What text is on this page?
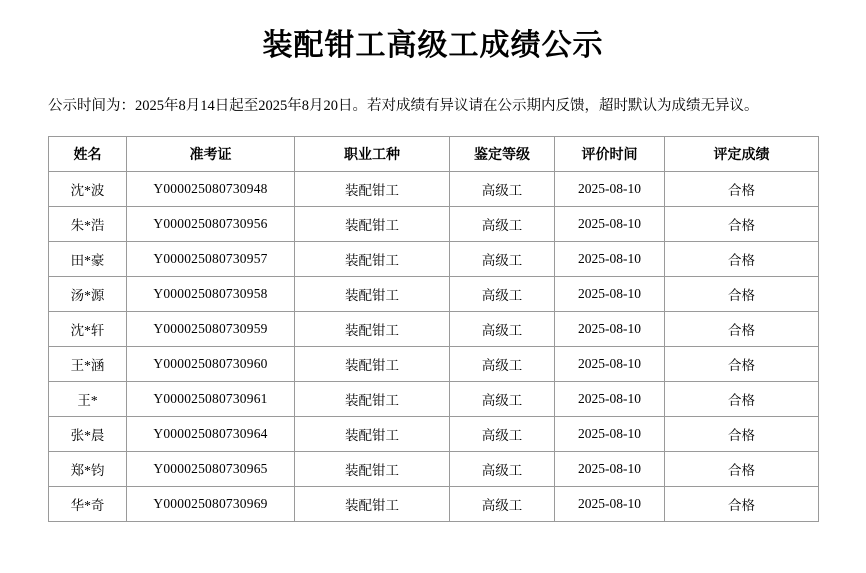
装配钳工高级工成绩公示

公示时间为：2025年8月14日起至2025年8月20日。若对成绩有异议请在公示期内反馈，超时默认为成绩无异议。

姓名	准考证	职业工种	鉴定等级	评价时间	评定成绩
沈*波	Y000025080730948	装配钳工	高级工	2025-08-10	合格
朱*浩	Y000025080730956	装配钳工	高级工	2025-08-10	合格
田*豪	Y000025080730957	装配钳工	高级工	2025-08-10	合格
汤*源	Y000025080730958	装配钳工	高级工	2025-08-10	合格
沈*轩	Y000025080730959	装配钳工	高级工	2025-08-10	合格
王*涵	Y000025080730960	装配钳工	高级工	2025-08-10	合格
王*	Y000025080730961	装配钳工	高级工	2025-08-10	合格
张*晨	Y000025080730964	装配钳工	高级工	2025-08-10	合格
郑*钧	Y000025080730965	装配钳工	高级工	2025-08-10	合格
华*奇	Y000025080730969	装配钳工	高级工	2025-08-10	合格
